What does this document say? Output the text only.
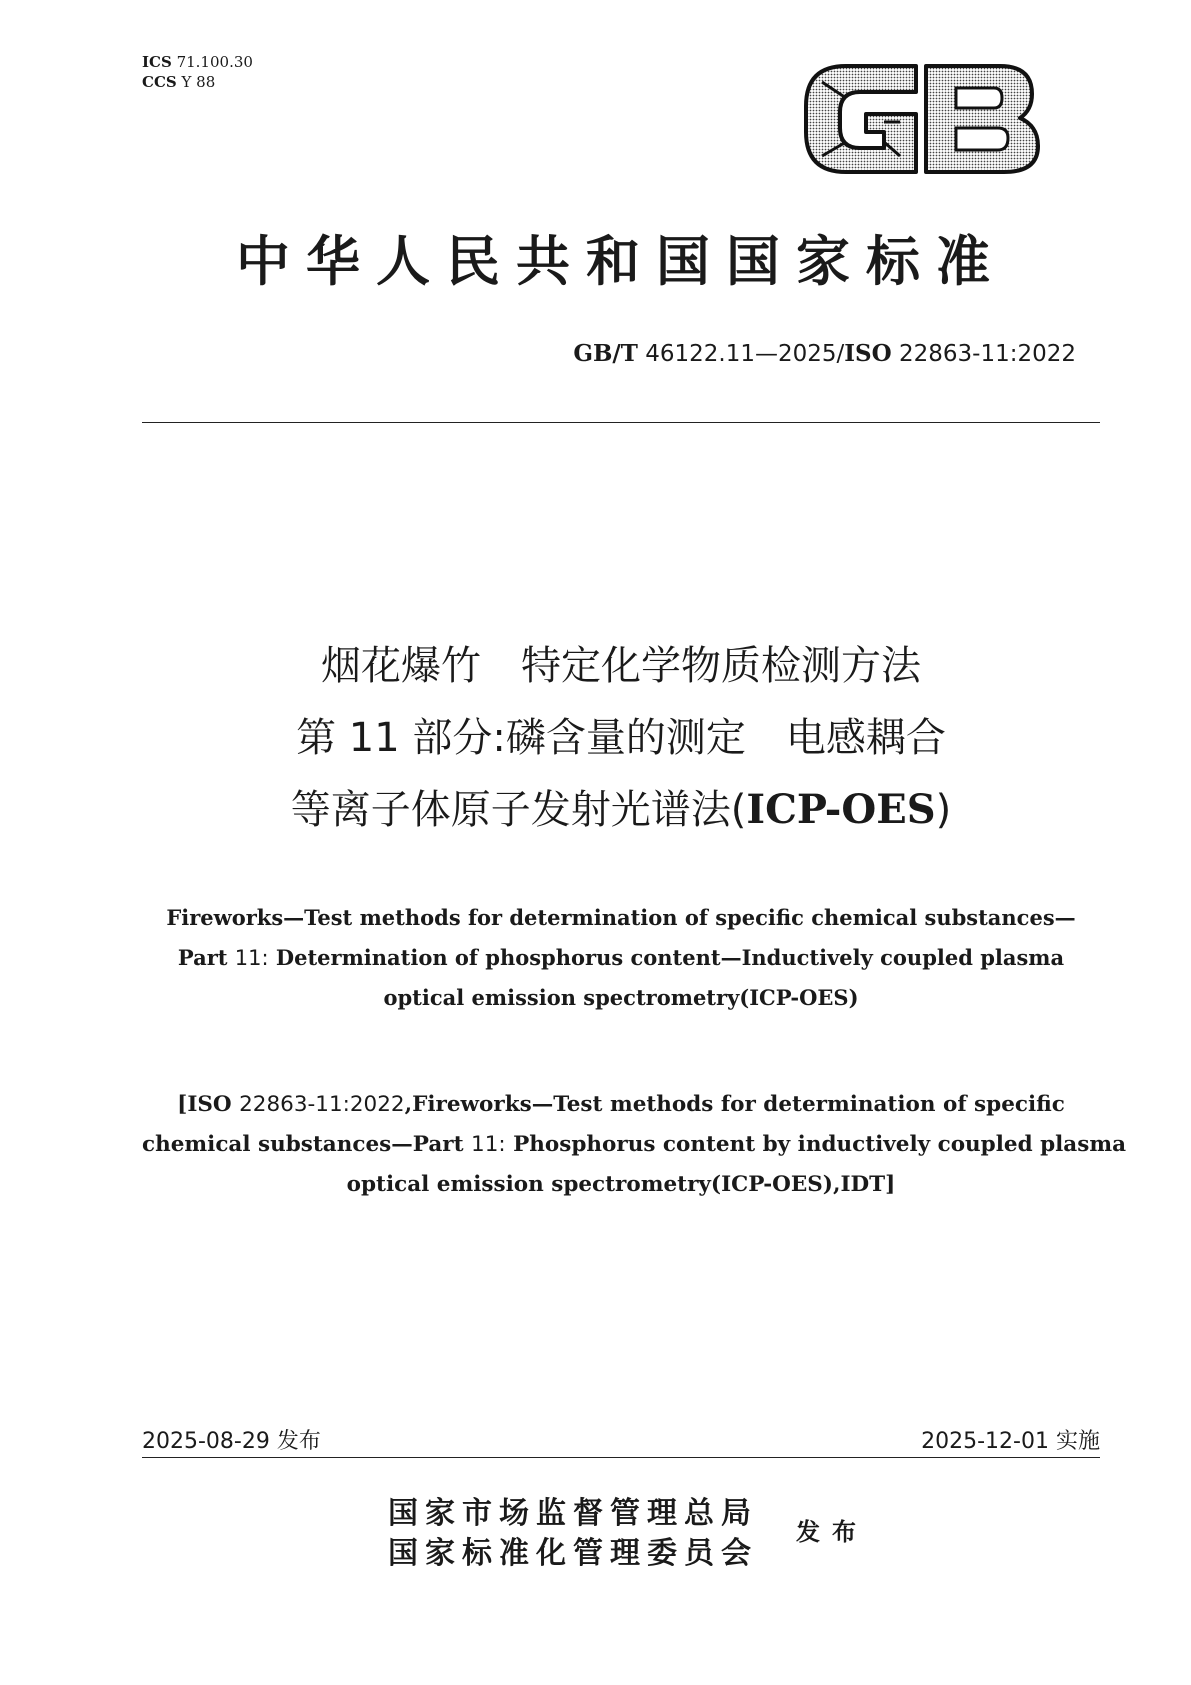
ICS 71.100.30
CCS Y 88
GB
中华人民共和国国家标准
GB/T 46122.11—2025/ISO 22863-11:2022
烟花爆竹　特定化学物质检测方法
第 11 部分:磷含量的测定　电感耦合
等离子体原子发射光谱法(ICP-OES)
Fireworks—Test methods for determination of specific chemical substances—
Part 11: Determination of phosphorus content—Inductively coupled plasma
optical emission spectrometry(ICP-OES)
[ISO 22863-11:2022,Fireworks—Test methods for determination of specific
chemical substances—Part 11: Phosphorus content by inductively coupled plasma
optical emission spectrometry(ICP-OES),IDT]
2025-08-29 发布	2025-12-01 实施
国家市场监督管理总局
国家标准化管理委员会
发布
